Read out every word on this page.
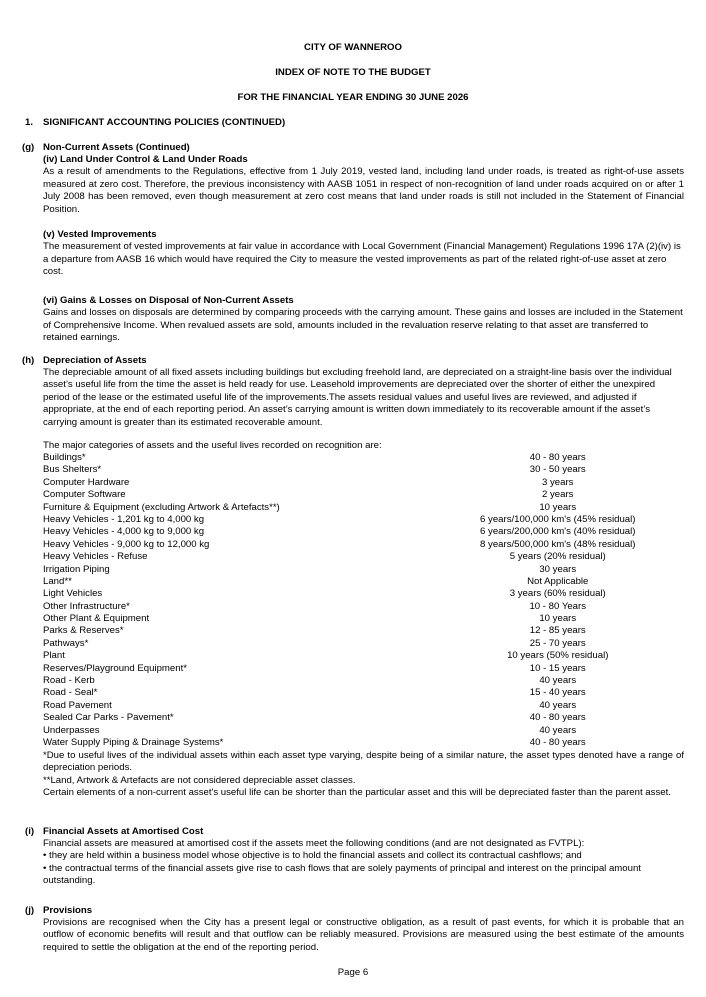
CITY OF WANNEROO
INDEX OF NOTE TO THE BUDGET
FOR THE FINANCIAL YEAR ENDING 30 JUNE 2026
1. SIGNIFICANT ACCOUNTING POLICIES (CONTINUED)
(g) Non-Current Assets (Continued)
(iv) Land Under Control & Land Under Roads
As a result of amendments to the Regulations, effective from 1 July 2019, vested land, including land under roads, is treated as right-of-use assets measured at zero cost. Therefore, the previous inconsistency with AASB 1051 in respect of non-recognition of land under roads acquired on or after 1 July 2008 has been removed, even though measurement at zero cost means that land under roads is still not included in the Statement of Financial Position.
(v) Vested Improvements
The measurement of vested improvements at fair value in accordance with Local Government (Financial Management) Regulations 1996 17A (2)(iv) is a departure from AASB 16 which would have required the City to measure the vested improvements as part of the related right-of-use asset at zero cost.
(vi) Gains & Losses on Disposal of Non-Current Assets
Gains and losses on disposals are determined by comparing proceeds with the carrying amount. These gains and losses are included in the Statement of Comprehensive Income. When revalued assets are sold, amounts included in the revaluation reserve relating to that asset are transferred to retained earnings.
(h) Depreciation of Assets
The depreciable amount of all fixed assets including buildings but excluding freehold land, are depreciated on a straight-line basis over the individual asset’s useful life from the time the asset is held ready for use. Leasehold improvements are depreciated over the shorter of either the unexpired period of the lease or the estimated useful life of the improvements.The assets residual values and useful lives are reviewed, and adjusted if appropriate, at the end of each reporting period. An asset’s carrying amount is written down immediately to its recoverable amount if the asset’s carrying amount is greater than its estimated recoverable amount.
The major categories of assets and the useful lives recorded on recognition are:
Buildings*	40 - 80 years
Bus Shelters*	30 - 50 years
Computer Hardware	3 years
Computer Software	2 years
Furniture & Equipment (excluding Artwork & Artefacts**)	10 years
Heavy Vehicles - 1,201 kg to 4,000 kg	6 years/100,000 km's (45% residual)
Heavy Vehicles - 4,000 kg to 9,000 kg	6 years/200,000 km's (40% residual)
Heavy Vehicles - 9,000 kg to 12,000 kg	8 years/500,000 km's (48% residual)
Heavy Vehicles - Refuse	5 years (20% residual)
Irrigation Piping	30 years
Land**	Not Applicable
Light Vehicles	3 years (60% residual)
Other Infrastructure*	10 - 80 Years
Other Plant & Equipment	10 years
Parks & Reserves*	12 - 85 years
Pathways*	25 - 70 years
Plant	10 years (50% residual)
Reserves/Playground Equipment*	10 - 15 years
Road - Kerb	40 years
Road - Seal*	15 - 40 years
Road Pavement	40 years
Sealed Car Parks - Pavement*	40 - 80 years
Underpasses	40 years
Water Supply Piping & Drainage Systems*	40 - 80 years
*Due to useful lives of the individual assets within each asset type varying, despite being of a similar nature, the asset types denoted have a range of depreciation periods.
**Land, Artwork & Artefacts are not considered depreciable asset classes.
Certain elements of a non-current asset's useful life can be shorter than the particular asset and this will be depreciated faster than the parent asset.
(i) Financial Assets at Amortised Cost
Financial assets are measured at amortised cost if the assets meet the following conditions (and are not designated as FVTPL):
• they are held within a business model whose objective is to hold the financial assets and collect its contractual cashflows; and
• the contractual terms of the financial assets give rise to cash flows that are solely payments of principal and interest on the principal amount outstanding.
(j) Provisions
Provisions are recognised when the City has a present legal or constructive obligation, as a result of past events, for which it is probable that an outflow of economic benefits will result and that outflow can be reliably measured. Provisions are measured using the best estimate of the amounts required to settle the obligation at the end of the reporting period.
Page 6
